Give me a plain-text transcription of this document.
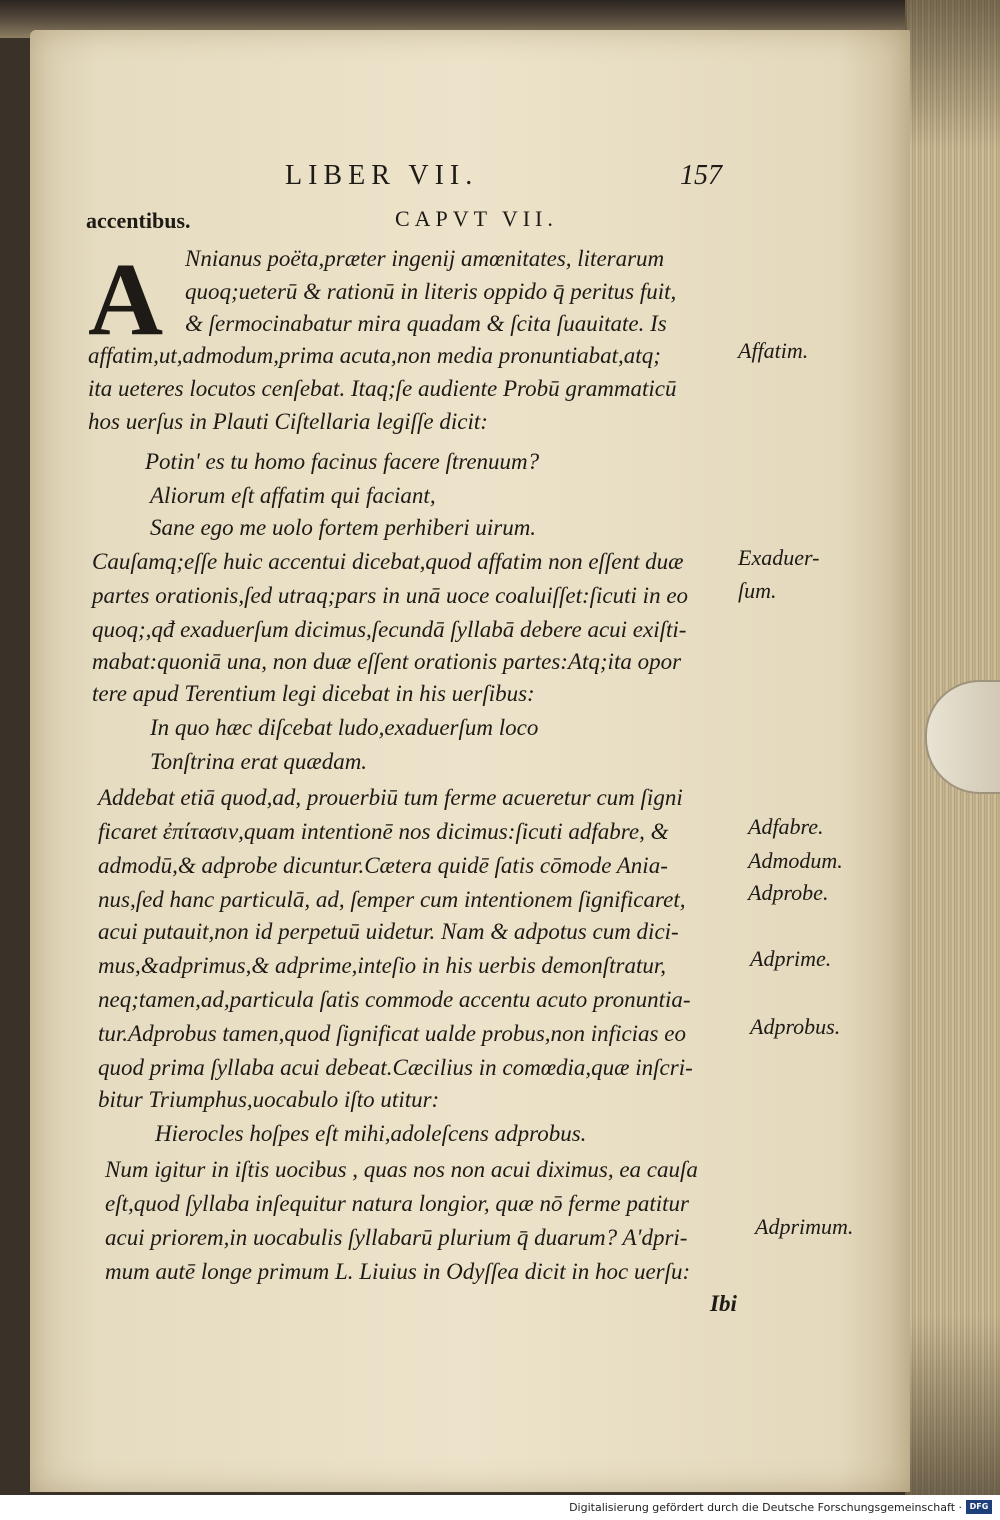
LIBER VII.	157
accentibus.	CAPVT VII.
A Nnianus poëta,præter ingenij amœnitates, literarum
quoq;ueterū & rationū in literis oppido q̄ peritus fuit,
& ſermocinabatur mira quadam & ſcita ſuauitate. Is
affatim,ut,admodum,prima acuta,non media pronuntiabat,atq;
ita ueteres locutos cenſebat. Itaq;ſe audiente Probū grammaticū
hos uerſus in Plauti Ciſtellaria legiſſe dicit:
Potin' es tu homo facinus facere ſtrenuum?
Aliorum eſt affatim qui faciant,
Sane ego me uolo fortem perhiberi uirum.
Cauſamq;eſſe huic accentui dicebat,quod affatim non eſſent duæ
partes orationis,ſed utraq;pars in unā uoce coaluiſſet:ſicuti in eo
quoq;,qđ exaduerſum dicimus,ſecundā ſyllabā debere acui exiſti-
mabat:quoniā una, non duæ eſſent orationis partes:Atq;ita opor
tere apud Terentium legi dicebat in his uerſibus:
In quo hæc diſcebat ludo,exaduerſum loco
Tonſtrina erat quædam.
Addebat etiā quod,ad, prouerbiū tum ferme acueretur cum ſigni
ficaret ἐπίτασιν,quam intentionē nos dicimus:ſicuti adfabre, &
admodū,& adprobe dicuntur.Cætera quidē ſatis cōmode Ania-
nus,ſed hanc particulā, ad, ſemper cum intentionem ſignificaret,
acui putauit,non id perpetuū uidetur. Nam & adpotus cum dici-
mus,&adprimus,& adprime,inteſio in his uerbis demonſtratur,
neq;tamen,ad,particula ſatis commode accentu acuto pronuntia-
tur.Adprobus tamen,quod ſignificat ualde probus,non inficias eo
quod prima ſyllaba acui debeat.Cæcilius in comœdia,quæ inſcri-
bitur Triumphus,uocabulo iſto utitur:
Hierocles hoſpes eſt mihi,adoleſcens adprobus.
Num igitur in iſtis uocibus , quas nos non acui diximus, ea cauſa
eſt,quod ſyllaba inſequitur natura longior, quæ nō ferme patitur
acui priorem,in uocabulis ſyllabarū plurium q̄ duarum? A'dpri-
mum autē longe primum L. Liuius in Odyſſea dicit in hoc uerſu:
Ibi
Affatim.
Exaduer-
ſum.
Adfabre.
Admodum.
Adprobe.
Adprime.
Adprobus.
Adprimum.
Digitalisierung gefördert durch die Deutsche Forschungsgemeinschaft · DFG
